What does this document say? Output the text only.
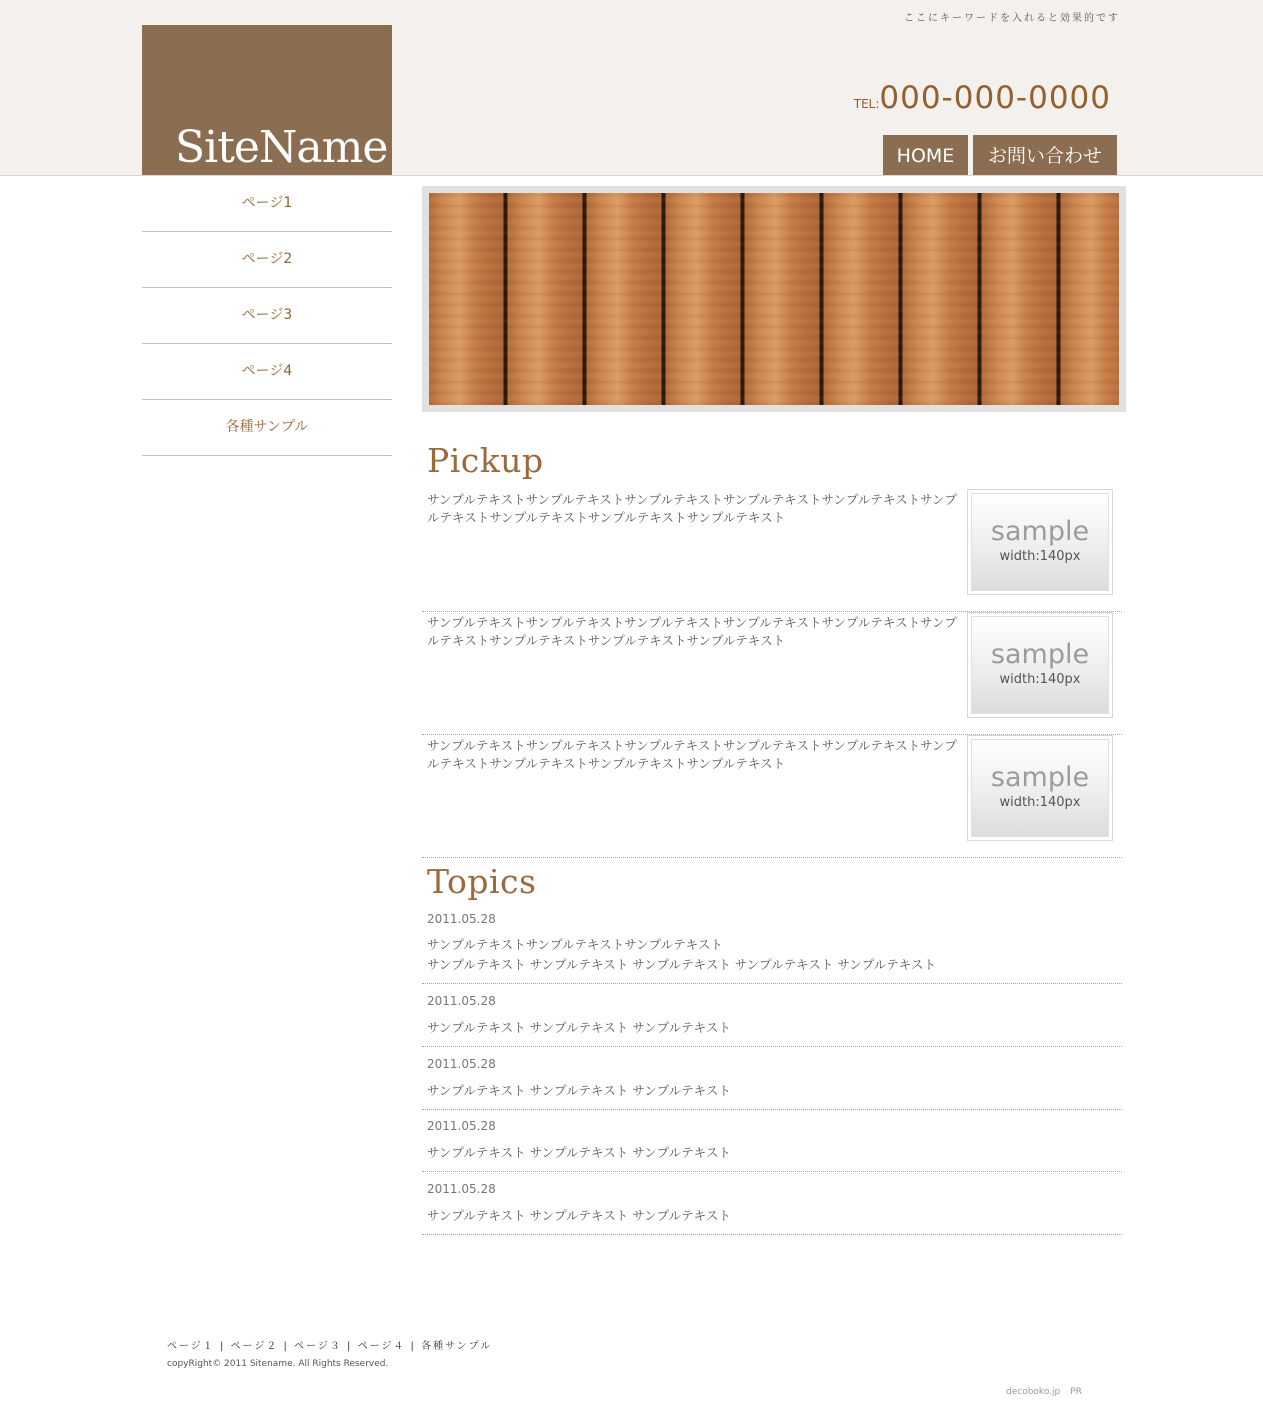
ここにキーワードを入れると効果的です
SiteName
TEL:000-000-0000
HOME	お問い合わせ
ページ1
ページ2
ページ3
ページ4
各種サンプル
Pickup
サンプルテキストサンプルテキストサンプルテキストサンプルテキストサンプルテキストサンプルテキストサンプルテキストサンプルテキストサンプルテキスト	sample
width:140px
サンプルテキストサンプルテキストサンプルテキストサンプルテキストサンプルテキストサンプルテキストサンプルテキストサンプルテキストサンプルテキスト	sample
width:140px
サンプルテキストサンプルテキストサンプルテキストサンプルテキストサンプルテキストサンプルテキストサンプルテキストサンプルテキストサンプルテキスト	sample
width:140px
Topics
2011.05.28
サンプルテキストサンプルテキストサンプルテキスト
サンプルテキスト サンプルテキスト サンプルテキスト サンプルテキスト サンプルテキスト
2011.05.28
サンプルテキスト サンプルテキスト サンプルテキスト
2011.05.28
サンプルテキスト サンプルテキスト サンプルテキスト
2011.05.28
サンプルテキスト サンプルテキスト サンプルテキスト
2011.05.28
サンプルテキスト サンプルテキスト サンプルテキスト
ページ１ | ページ２ | ページ３ | ページ４ | 各種サンプル
copyRight© 2011 Sitename. All Rights Reserved.
decoboko.jp PR
